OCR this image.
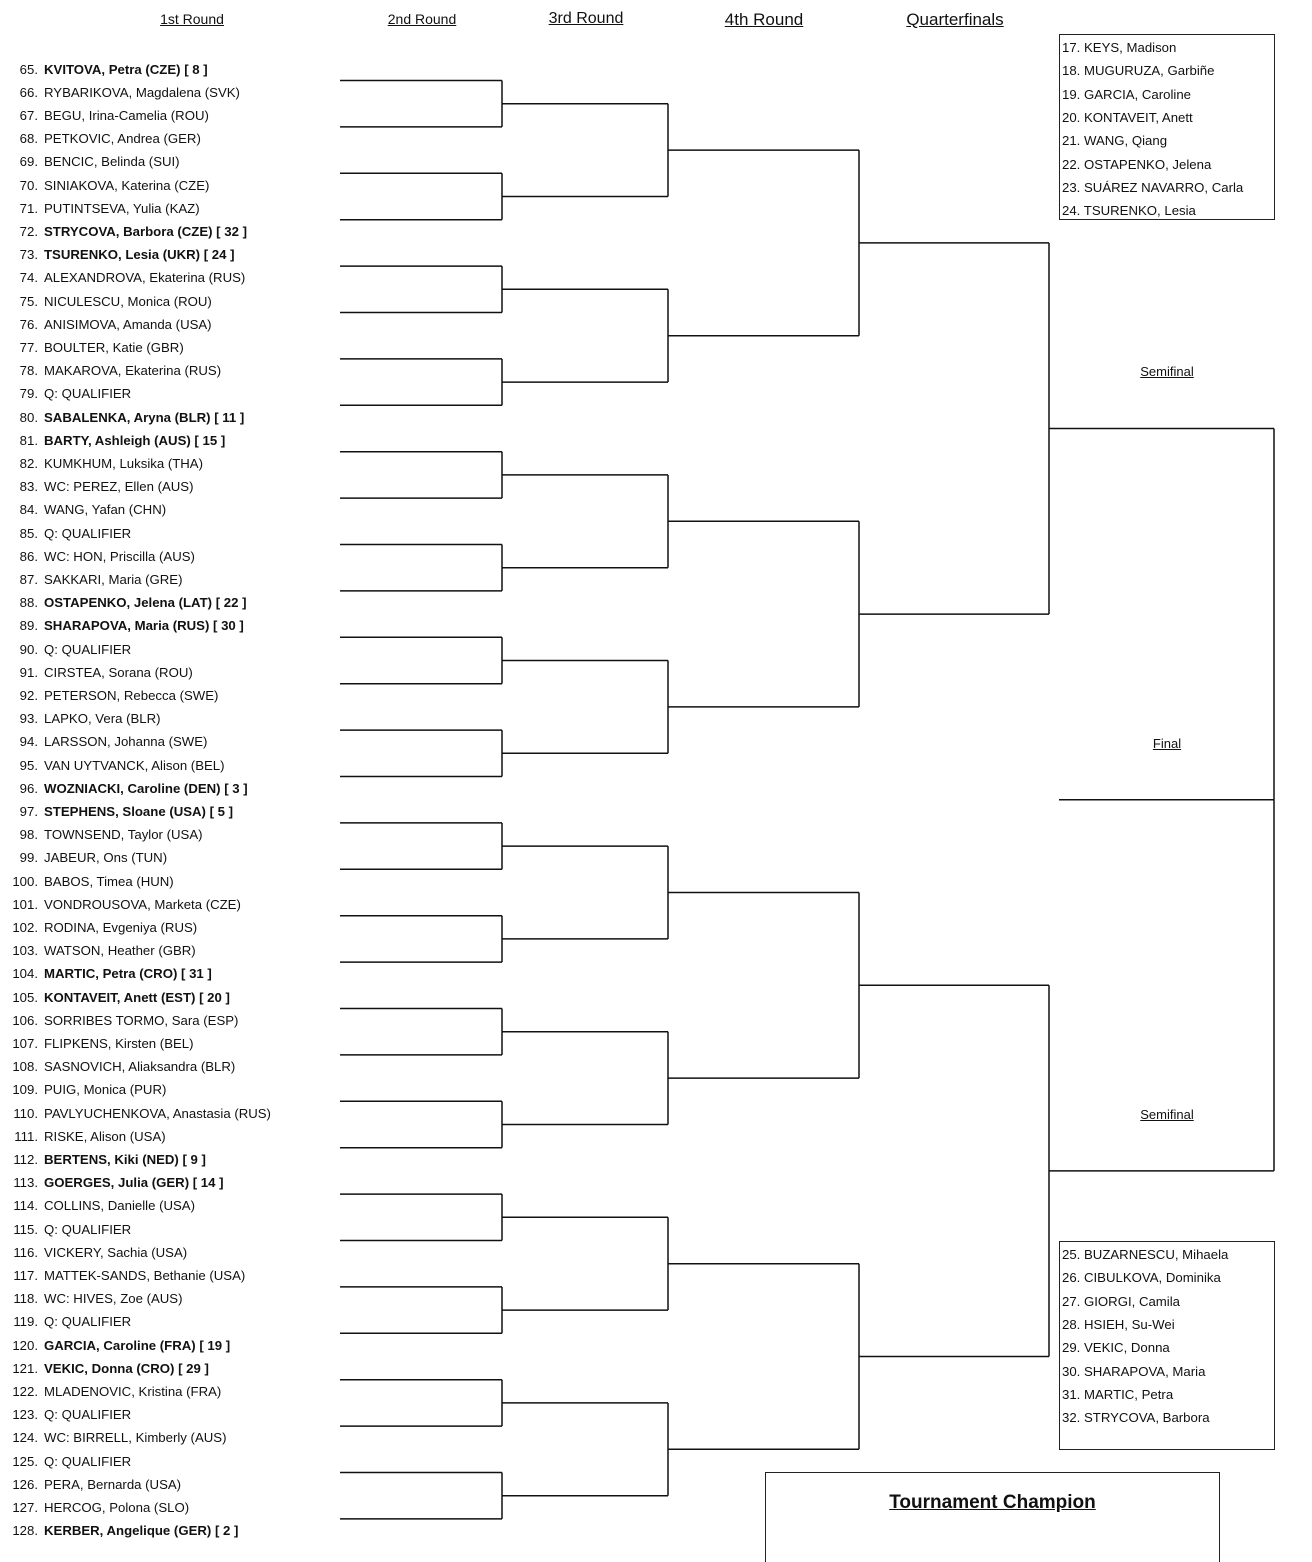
1st Round	2nd Round	3rd Round	4th Round	Quarterfinals
65. KVITOVA, Petra (CZE) [ 8 ]
66. RYBARIKOVA, Magdalena (SVK)
67. BEGU, Irina-Camelia (ROU)
68. PETKOVIC, Andrea (GER)
69. BENCIC, Belinda (SUI)
70. SINIAKOVA, Katerina (CZE)
71. PUTINTSEVA, Yulia (KAZ)
72. STRYCOVA, Barbora (CZE) [ 32 ]
73. TSURENKO, Lesia (UKR) [ 24 ]
74. ALEXANDROVA, Ekaterina (RUS)
75. NICULESCU, Monica (ROU)
76. ANISIMOVA, Amanda (USA)
77. BOULTER, Katie (GBR)
78. MAKAROVA, Ekaterina (RUS)
79. Q: QUALIFIER
80. SABALENKA, Aryna (BLR) [ 11 ]
81. BARTY, Ashleigh (AUS) [ 15 ]
82. KUMKHUM, Luksika (THA)
83. WC: PEREZ, Ellen (AUS)
84. WANG, Yafan (CHN)
85. Q: QUALIFIER
86. WC: HON, Priscilla (AUS)
87. SAKKARI, Maria (GRE)
88. OSTAPENKO, Jelena (LAT) [ 22 ]
89. SHARAPOVA, Maria (RUS) [ 30 ]
90. Q: QUALIFIER
91. CIRSTEA, Sorana (ROU)
92. PETERSON, Rebecca (SWE)
93. LAPKO, Vera (BLR)
94. LARSSON, Johanna (SWE)
95. VAN UYTVANCK, Alison (BEL)
96. WOZNIACKI, Caroline (DEN) [ 3 ]
97. STEPHENS, Sloane (USA) [ 5 ]
98. TOWNSEND, Taylor (USA)
99. JABEUR, Ons (TUN)
100. BABOS, Timea (HUN)
101. VONDROUSOVA, Marketa (CZE)
102. RODINA, Evgeniya (RUS)
103. WATSON, Heather (GBR)
104. MARTIC, Petra (CRO) [ 31 ]
105. KONTAVEIT, Anett (EST) [ 20 ]
106. SORRIBES TORMO, Sara (ESP)
107. FLIPKENS, Kirsten (BEL)
108. SASNOVICH, Aliaksandra (BLR)
109. PUIG, Monica (PUR)
110. PAVLYUCHENKOVA, Anastasia (RUS)
111. RISKE, Alison (USA)
112. BERTENS, Kiki (NED) [ 9 ]
113. GOERGES, Julia (GER) [ 14 ]
114. COLLINS, Danielle (USA)
115. Q: QUALIFIER
116. VICKERY, Sachia (USA)
117. MATTEK-SANDS, Bethanie (USA)
118. WC: HIVES, Zoe (AUS)
119. Q: QUALIFIER
120. GARCIA, Caroline (FRA) [ 19 ]
121. VEKIC, Donna (CRO) [ 29 ]
122. MLADENOVIC, Kristina (FRA)
123. Q: QUALIFIER
124. WC: BIRRELL, Kimberly (AUS)
125. Q: QUALIFIER
126. PERA, Bernarda (USA)
127. HERCOG, Polona (SLO)
128. KERBER, Angelique (GER) [ 2 ]
17. KEYS, Madison
18. MUGURUZA, Garbiñe
19. GARCIA, Caroline
20. KONTAVEIT, Anett
21. WANG, Qiang
22. OSTAPENKO, Jelena
23. SUÁREZ NAVARRO, Carla
24. TSURENKO, Lesia
25. BUZARNESCU, Mihaela
26. CIBULKOVA, Dominika
27. GIORGI, Camila
28. HSIEH, Su-Wei
29. VEKIC, Donna
30. SHARAPOVA, Maria
31. MARTIC, Petra
32. STRYCOVA, Barbora
Semifinal
Final
Semifinal
Tournament Champion
